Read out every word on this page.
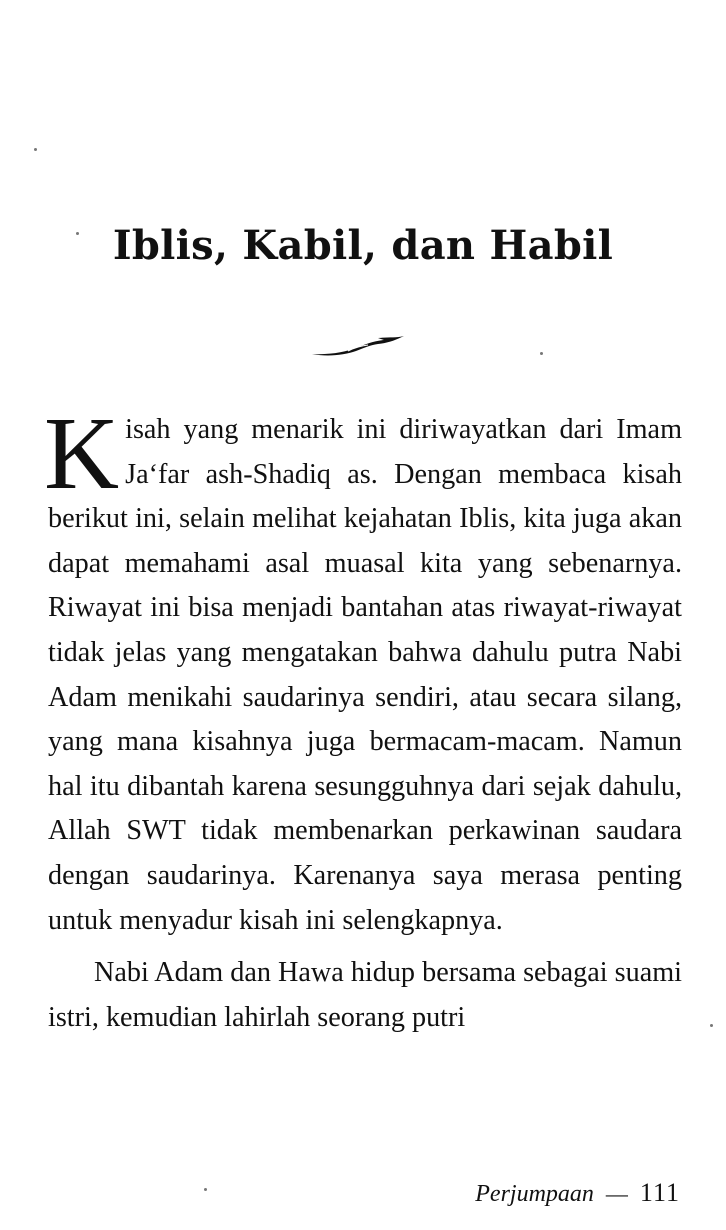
Iblis, Kabil, dan Habil

Kisah yang menarik ini diriwayatkan dari Imam Ja‘far ash-Shadiq as. Dengan membaca kisah berikut ini, selain melihat kejahatan Iblis, kita juga akan dapat memahami asal muasal kita yang sebenarnya. Riwayat ini bisa menjadi bantahan atas riwayat-riwayat tidak jelas yang mengatakan bahwa dahulu putra Nabi Adam menikahi saudarinya sendiri, atau secara silang, yang mana kisahnya juga bermacam-macam. Namun hal itu dibantah karena sesungguhnya dari sejak dahulu, Allah SWT tidak membenarkan perkawinan saudara dengan saudarinya. Karenanya saya merasa penting untuk menyadur kisah ini selengkapnya.

Nabi Adam dan Hawa hidup bersama sebagai suami istri, kemudian lahirlah seorang putri

Perjumpaan — 111
